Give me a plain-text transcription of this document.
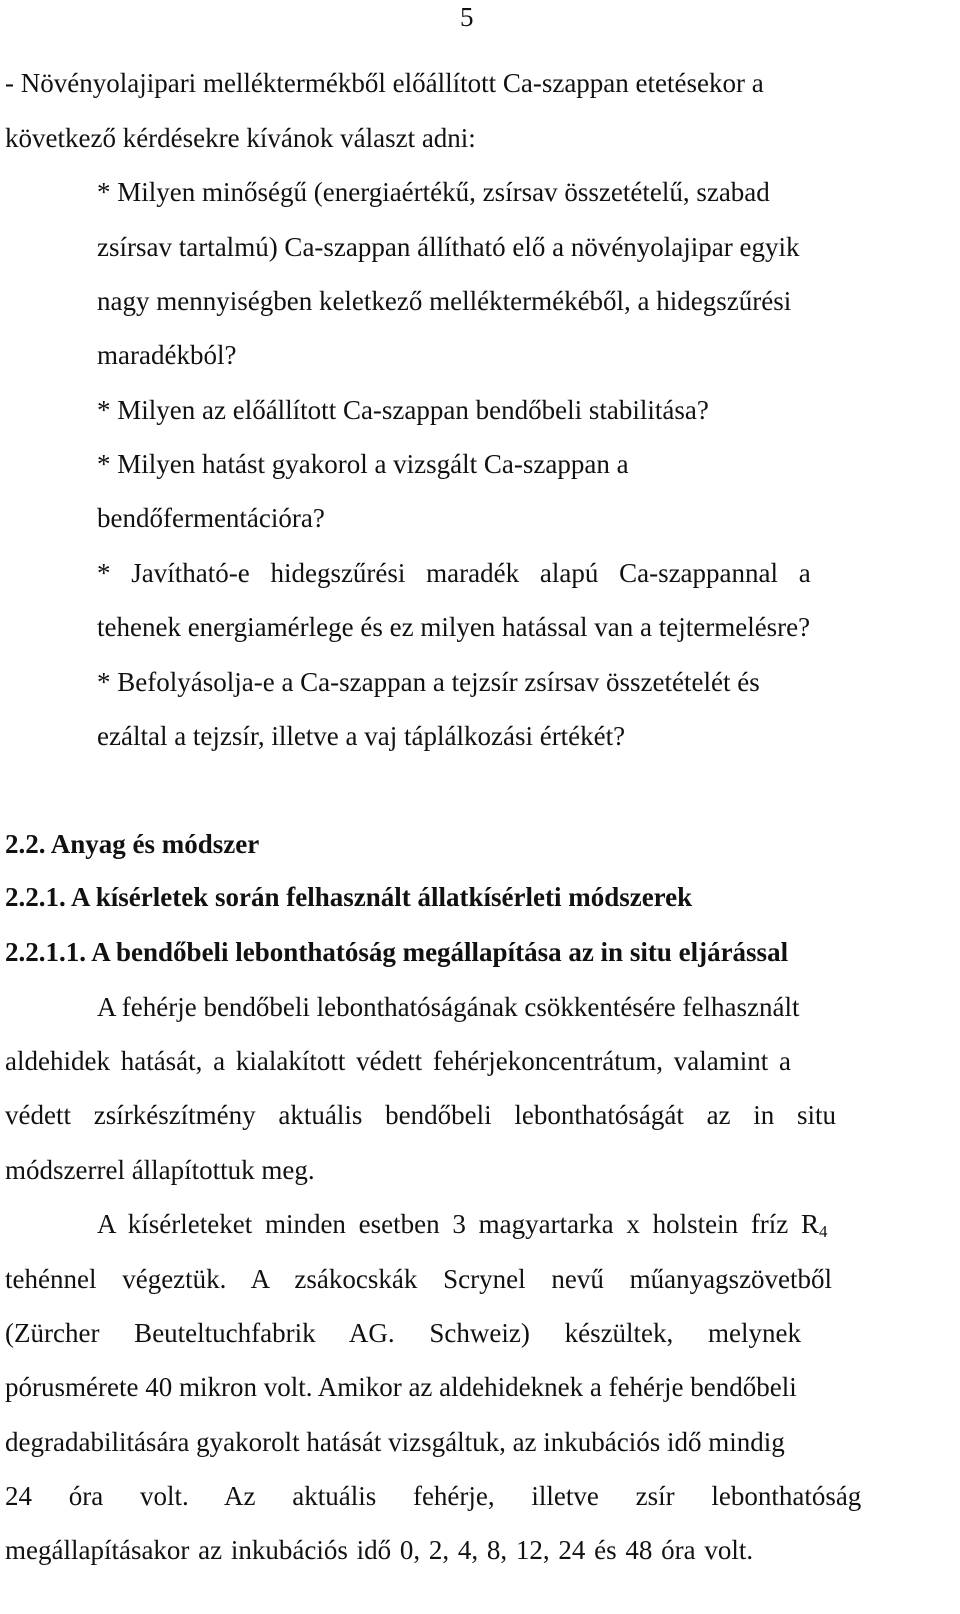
5
- Növényolajipari melléktermékből előállított Ca-szappan etetésekor a
következő kérdésekre kívánok választ adni:
* Milyen minőségű (energiaértékű, zsírsav összetételű, szabad
zsírsav tartalmú) Ca-szappan állítható elő a növényolajipar egyik
nagy mennyiségben keletkező melléktermékéből, a hidegszűrési
maradékból?
* Milyen az előállított Ca-szappan bendőbeli stabilitása?
* Milyen hatást gyakorol a vizsgált Ca-szappan a
bendőfermentációra?
* Javítható-e hidegszűrési maradék alapú Ca-szappannal a
tehenek energiamérlege és ez milyen hatással van a tejtermelésre?
* Befolyásolja-e a Ca-szappan a tejzsír zsírsav összetételét és
ezáltal a tejzsír, illetve a vaj táplálkozási értékét?
2.2. Anyag és módszer
2.2.1. A kísérletek során felhasznált állatkísérleti módszerek
2.2.1.1. A bendőbeli lebonthatóság megállapítása az in situ eljárással
A fehérje bendőbeli lebonthatóságának csökkentésére felhasznált
aldehidek hatását, a kialakított védett fehérjekoncentrátum, valamint a
védett zsírkészítmény aktuális bendőbeli lebonthatóságát az in situ
módszerrel állapítottuk meg.
A kísérleteket minden esetben 3 magyartarka x holstein fríz $R_4$
tehénnel végeztük. A zsákocskák Scrynel nevű műanyagszövetből
(Zürcher Beuteltuchfabrik AG. Schweiz) készültek, melynek
pórusmérete 40 mikron volt. Amikor az aldehideknek a fehérje bendőbeli
degradabilitására gyakorolt hatását vizsgáltuk, az inkubációs idő mindig
24 óra volt. Az aktuális fehérje, illetve zsír lebonthatóság
megállapításakor az inkubációs idő 0, 2, 4, 8, 12, 24 és 48 óra volt.
